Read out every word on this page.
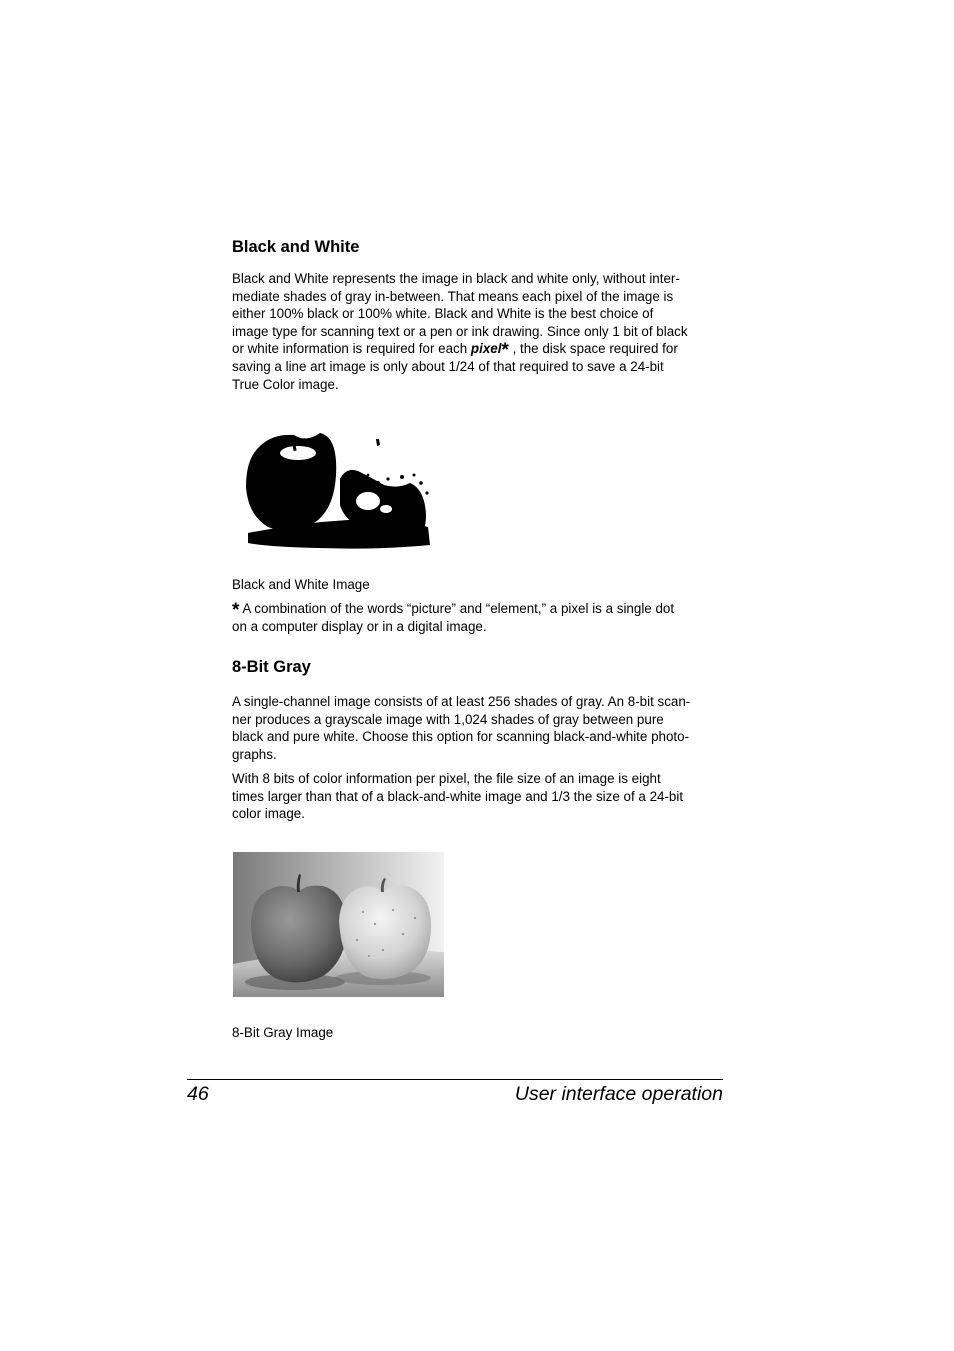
Black and White
Black and White represents the image in black and white only, without inter-
mediate shades of gray in-between. That means each pixel of the image is
either 100% black or 100% white. Black and White is the best choice of
image type for scanning text or a pen or ink drawing. Since only 1 bit of black
or white information is required for each pixel* , the disk space required for
saving a line art image is only about 1/24 of that required to save a 24-bit
True Color image.

Black and White Image

* A combination of the words “picture” and “element,” a pixel is a single dot
on a computer display or in a digital image.
8-Bit Gray
A single-channel image consists of at least 256 shades of gray. An 8-bit scan-
ner produces a grayscale image with 1,024 shades of gray between pure
black and pure white. Choose this option for scanning black-and-white photo-
graphs.
With 8 bits of color information per pixel, the file size of an image is eight
times larger than that of a black-and-white image and 1/3 the size of a 24-bit
color image.

8-Bit Gray Image

46	User interface operation
